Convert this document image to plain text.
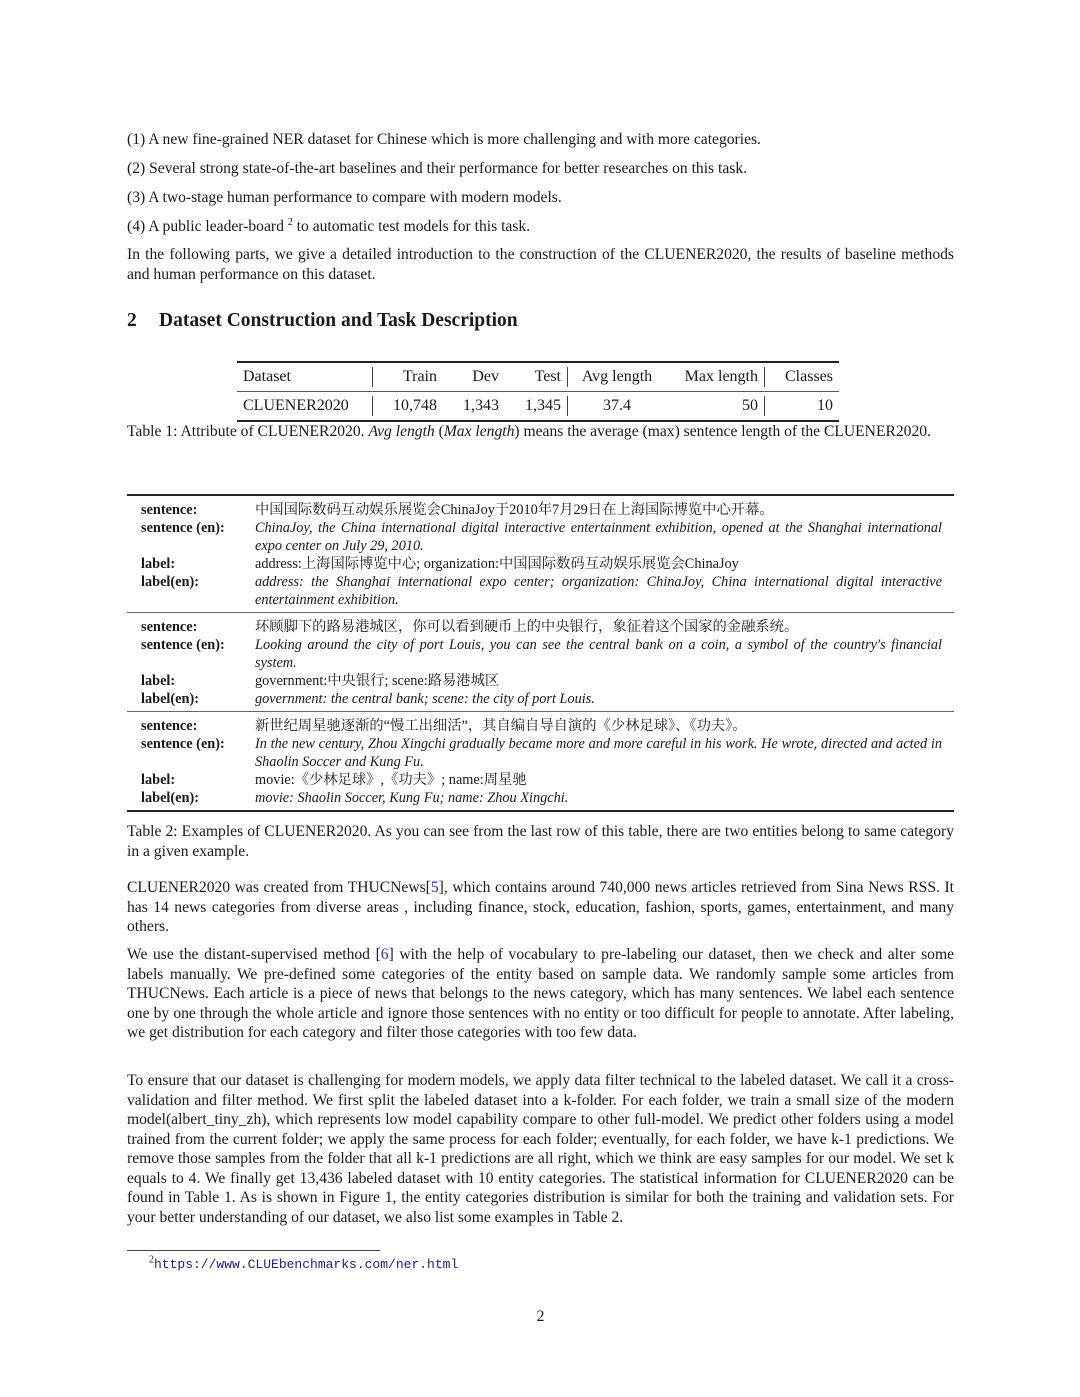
(1) A new fine-grained NER dataset for Chinese which is more challenging and with more categories.
(2) Several strong state-of-the-art baselines and their performance for better researches on this task.
(3) A two-stage human performance to compare with modern models.
(4) A public leader-board $^2$ to automatic test models for this task.

In the following parts, we give a detailed introduction to the construction of the CLUENER2020, the results of baseline methods and human performance on this dataset.

2 Dataset Construction and Task Description
Dataset	Train	Dev	Test	Avg length	Max length	Classes
CLUENER2020	10,748	1,343	1,345	37.4	50	10

Table 1: Attribute of CLUENER2020. Avg length (Max length) means the average (max) sentence length of the CLUENER2020.

sentence:	中国国际数码互动娱乐展览会ChinaJoy于2010年7月29日在上海国际博览中心开幕。
sentence (en):	ChinaJoy, the China international digital interactive entertainment exhibition, opened at the Shanghai international expo center on July 29, 2010.
label:	address:上海国际博览中心; organization:中国国际数码互动娱乐展览会ChinaJoy
label(en):	address: the Shanghai international expo center; organization: ChinaJoy, China international digital interactive entertainment exhibition.
sentence:	环顾脚下的路易港城区，你可以看到硬币上的中央银行，象征着这个国家的金融系统。
sentence (en):	Looking around the city of port Louis, you can see the central bank on a coin, a symbol of the country's financial system.
label:	government:中央银行; scene:路易港城区
label(en):	government: the central bank; scene: the city of port Louis.
sentence:	新世纪周星驰逐渐的“慢工出细活”，其自编自导自演的《少林足球》、《功夫》。
sentence (en):	In the new century, Zhou Xingchi gradually became more and more careful in his work. He wrote, directed and acted in Shaolin Soccer and Kung Fu.
label:	movie:《少林足球》,《功夫》; name:周星驰
label(en):	movie: Shaolin Soccer, Kung Fu; name: Zhou Xingchi.

Table 2: Examples of CLUENER2020. As you can see from the last row of this table, there are two entities belong to same category in a given example.

CLUENER2020 was created from THUCNews[5], which contains around 740,000 news articles retrieved from Sina News RSS. It has 14 news categories from diverse areas , including finance, stock, education, fashion, sports, games, entertainment, and many others.

We use the distant-supervised method [6] with the help of vocabulary to pre-labeling our dataset, then we check and alter some labels manually. We pre-defined some categories of the entity based on sample data. We randomly sample some articles from THUCNews. Each article is a piece of news that belongs to the news category, which has many sentences. We label each sentence one by one through the whole article and ignore those sentences with no entity or too difficult for people to annotate. After labeling, we get distribution for each category and filter those categories with too few data.

To ensure that our dataset is challenging for modern models, we apply data filter technical to the labeled dataset. We call it a cross-validation and filter method. We first split the labeled dataset into a k-folder. For each folder, we train a small size of the modern model(albert_tiny_zh), which represents low model capability compare to other full-model. We predict other folders using a model trained from the current folder; we apply the same process for each folder; eventually, for each folder, we have k-1 predictions. We remove those samples from the folder that all k-1 predictions are all right, which we think are easy samples for our model. We set k equals to 4. We finally get 13,436 labeled dataset with 10 entity categories. The statistical information for CLUENER2020 can be found in Table 1. As is shown in Figure 1, the entity categories distribution is similar for both the training and validation sets. For your better understanding of our dataset, we also list some examples in Table 2.

$^2$https://www.CLUEbenchmarks.com/ner.html
2
